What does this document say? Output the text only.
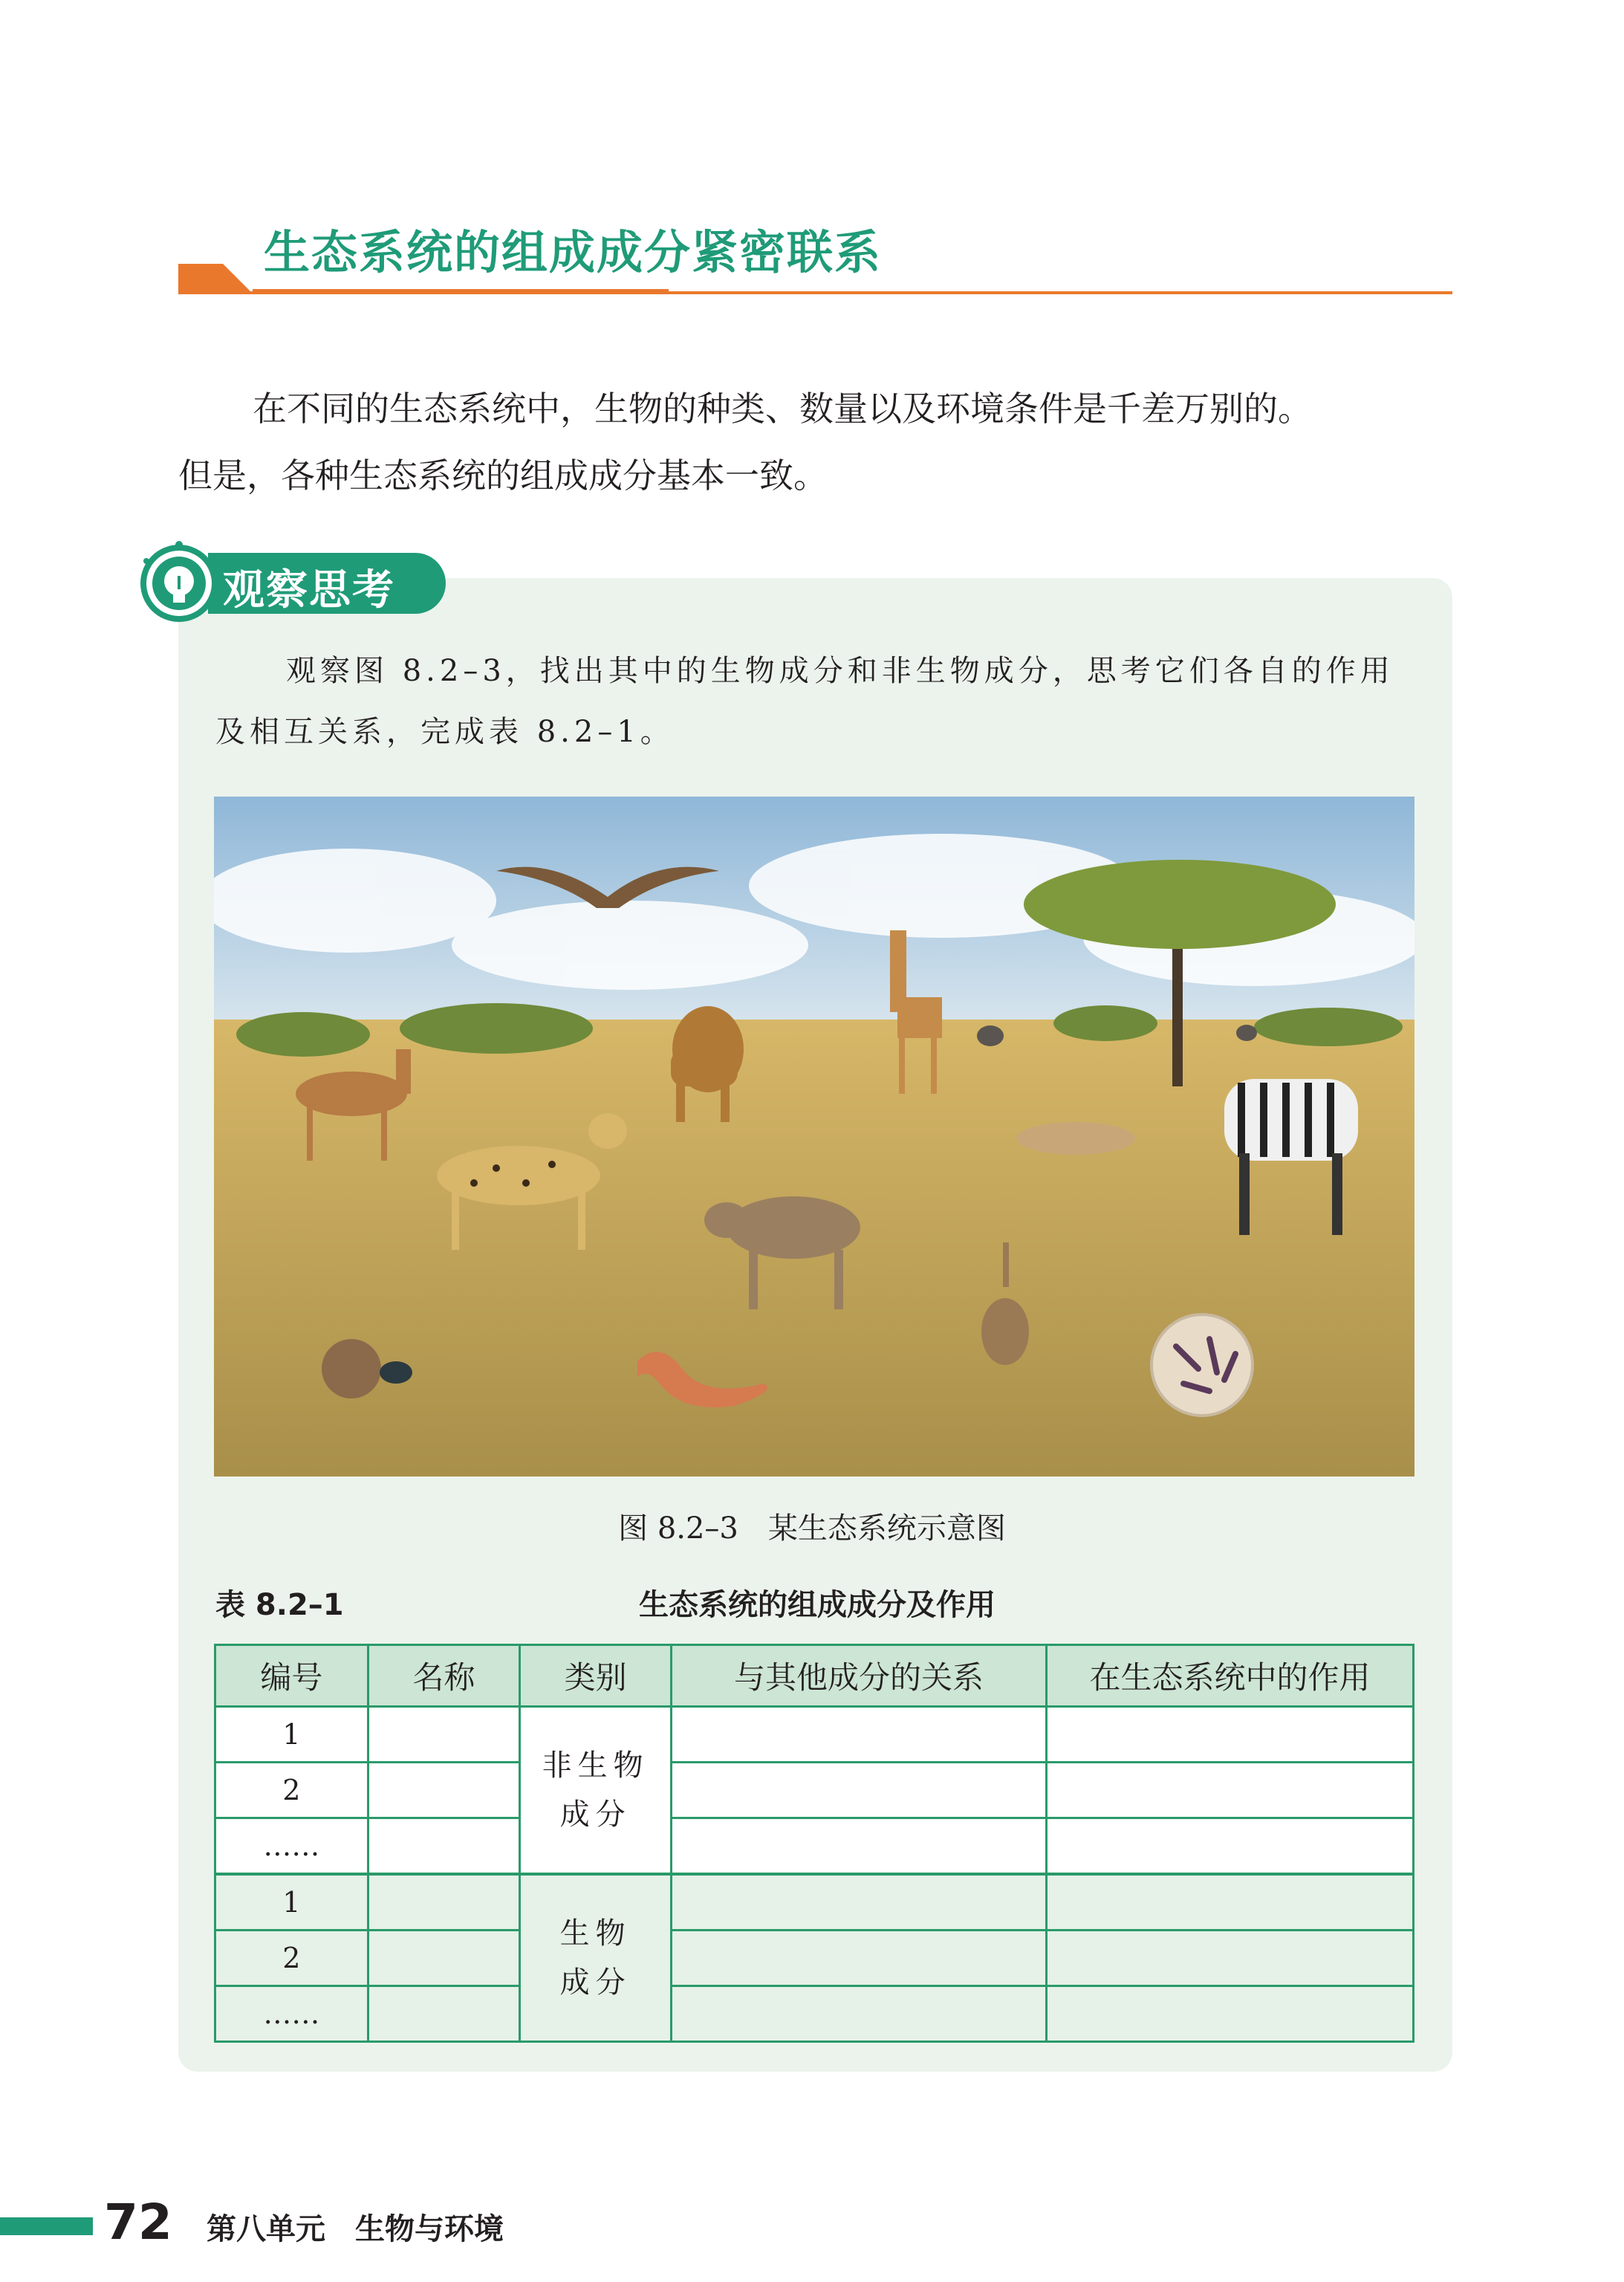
生态系统的组成成分紧密联系

在不同的生态系统中，生物的种类、数量以及环境条件是千差万别的。

但是，各种生态系统的组成成分基本一致。

观察思考

观察图 8.2–3，找出其中的生物成分和非生物成分，思考它们各自的作用

及相互关系，完成表 8.2–1。

图 8.2–3　某生态系统示意图
表 8.2–1	生态系统的组成成分及作用
编号	名称	类别	与其他成分的关系	在生态系统中的作用
1		非生物
成分		

2				
……				
1		生物
成分		

2				
……				
72 第八单元　生物与环境
